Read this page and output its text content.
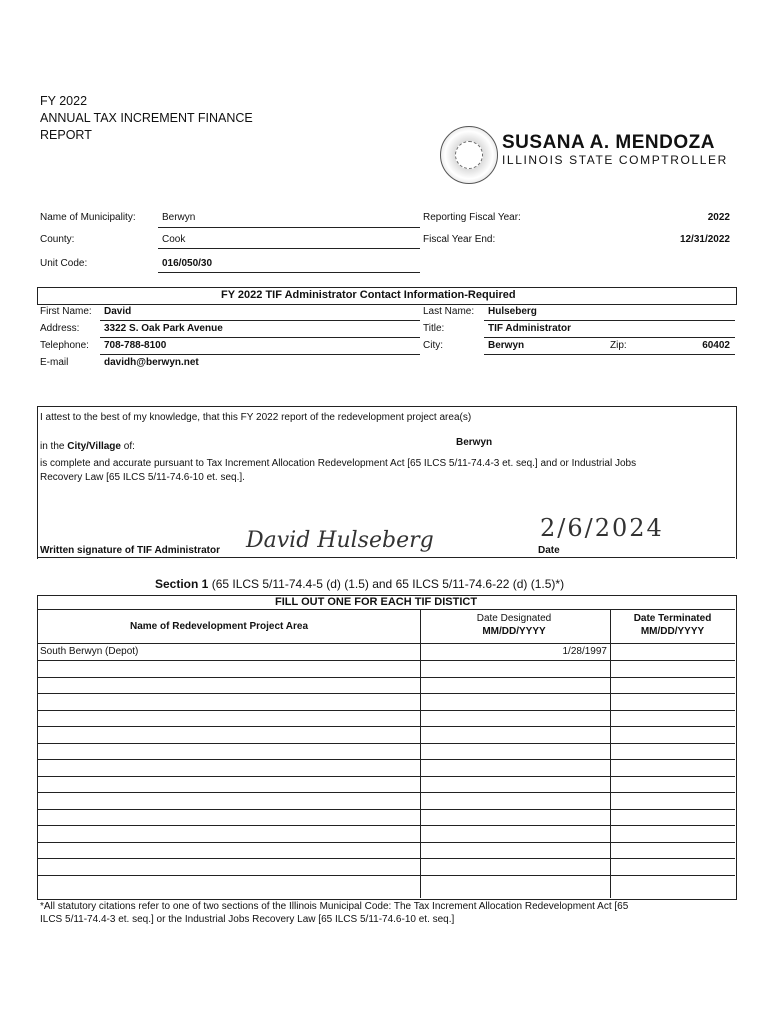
FY 2022
ANNUAL TAX INCREMENT FINANCE
REPORT	SUSANA A. MENDOZA
ILLINOIS STATE COMPTROLLER
Name of Municipality:	Berwyn
County:	Cook
Unit Code:	016/050/30
Reporting Fiscal Year:	2022
Fiscal Year End:	12/31/2022
FY 2022 TIF Administrator Contact Information-Required
First Name: David	Last Name: Hulseberg
Address: 3322 S. Oak Park Avenue	Title:	TIF Administrator
Telephone: 708-788-8100	City:	Berwyn	Zip:	60402
E-mail	davidh@berwyn.net
I attest to the best of my knowledge, that this FY 2022 report of the redevelopment project area(s)
in the City/Village of:	Berwyn
is complete and accurate pursuant to Tax Increment Allocation Redevelopment Act [65 ILCS 5/11-74.4-3 et. seq.] and or Industrial Jobs
Recovery Law [65 ILCS 5/11-74.6-10 et. seq.].
Written signature of TIF Administrator David Hulseberg	2/6/2024
Date
Section 1 (65 ILCS 5/11-74.4-5 (d) (1.5) and 65 ILCS 5/11-74.6-22 (d) (1.5)*)
FILL OUT ONE FOR EACH TIF DISTICT
Name of Redevelopment Project Area
Date Designated
MM/DD/YYYY
Date Terminated
MM/DD/YYYY
South Berwyn (Depot)	1/28/1997
*All statutory citations refer to one of two sections of the Illinois Municipal Code: The Tax Increment Allocation Redevelopment Act [65
ILCS 5/11-74.4-3 et. seq.] or the Industrial Jobs Recovery Law [65 ILCS 5/11-74.6-10 et. seq.]
